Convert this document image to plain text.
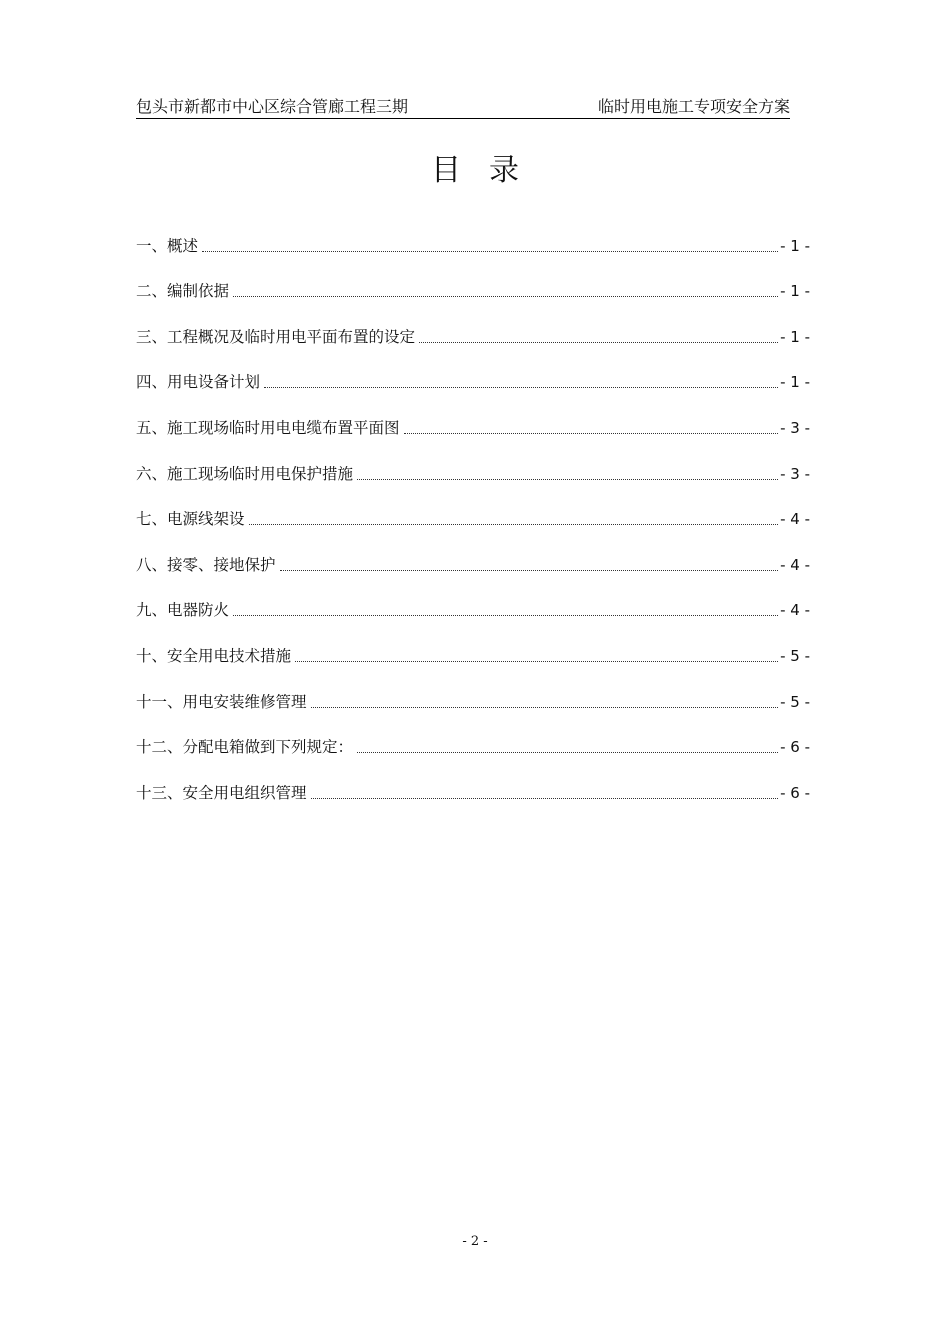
包头市新都市中心区综合管廊工程三期	临时用电施工专项安全方案
目录
一、概述	- 1 -
二、编制依据	- 1 -
三、工程概况及临时用电平面布置的设定	- 1 -
四、用电设备计划	- 1 -
五、施工现场临时用电电缆布置平面图	- 3 -
六、施工现场临时用电保护措施	- 3 -
七、电源线架设	- 4 -
八、接零、接地保护	- 4 -
九、电器防火	- 4 -
十、安全用电技术措施	- 5 -
十一、用电安装维修管理	- 5 -
十二、分配电箱做到下列规定：	- 6 -
十三、安全用电组织管理	- 6 -
- 2 -
